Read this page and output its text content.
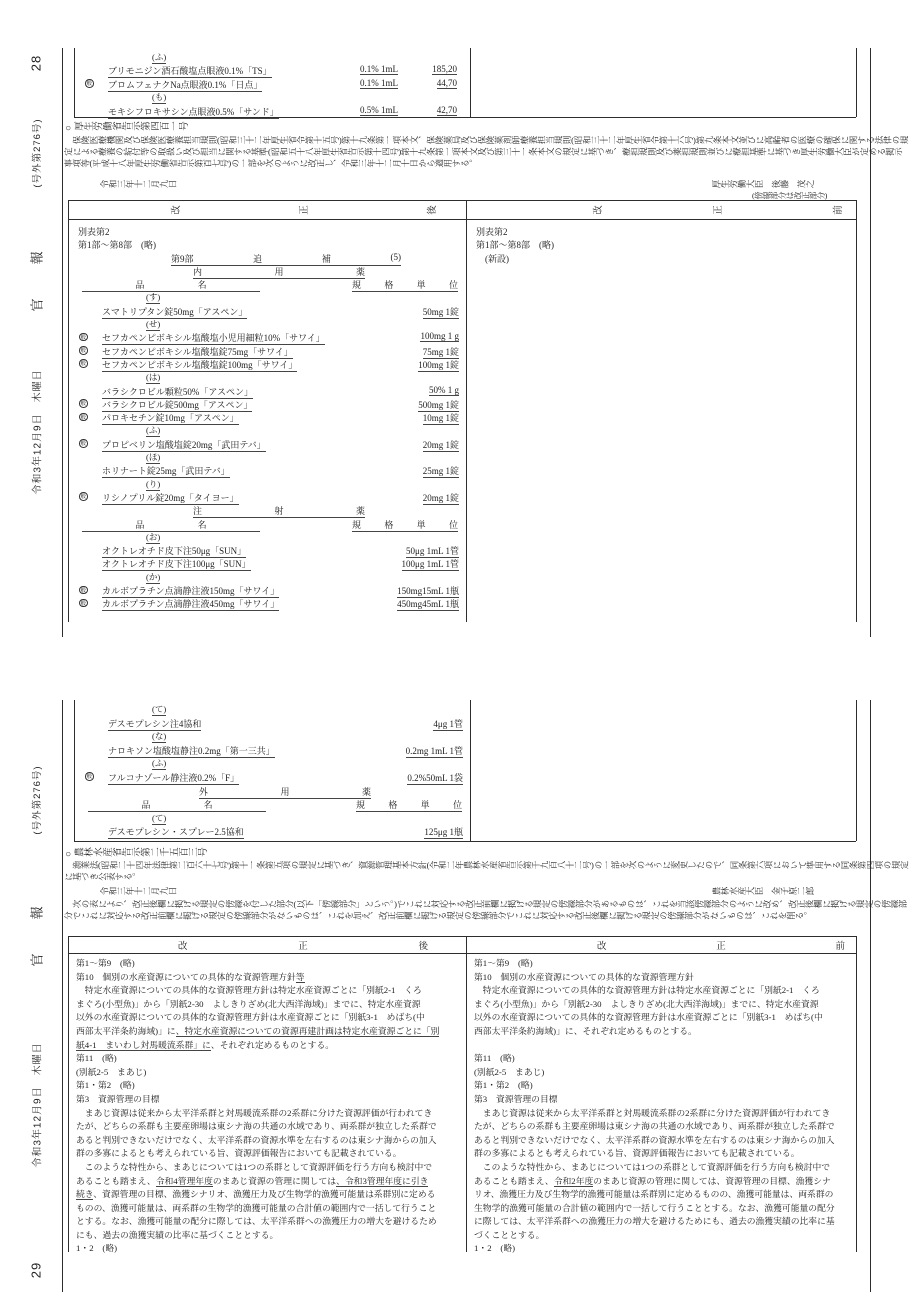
28
(号外第276号)
報
官
令和3年12月9日　木曜日
(ふ)
ブリモニジン酒石酸塩点眼液0.1%「TS」	0.1% 1mL	185,20
般 ブロムフェナクNa点眼液0.1%「日点」	0.1% 1mL	44,70
(も)
モキシフロキサシン点眼液0.5%「サンド」	0.5% 1mL	42,70
○厚生労働省告示第四百一号
　保険医療機関及び保険医療養担当規則(昭和三十二年厚生省令第十五号)第十九条第一項本文、保険薬局及び保険薬剤師療養担当規則(昭和三十二年厚生省令第十六号)第九条本文並びに高齢者の医療の確保に関する法律の規定による療養の給付等の取扱い及び担当に関する基準(昭和五十八年厚生省告示第十四号)第十九条第一項本文及び第三十一条本文の規定に基づき、療担規則及び薬担規則並びに療担基準に基づき厚生労働大臣が定める掲示事項等(平成十八年厚生労働省告示第百七号)の一部を次のように改正し、令和三年十二月十日から適用する。
令和三年十二月九日	厚生労働大臣　後藤　茂之
(傍線部分は改正部分)
改	正	後	改	正	前
別表第2
第1部〜第8部　(略)
第9部	追	補	(5)
内	用	薬
品	名	規	格	単	位
(す)
スマトリプタン錠50mg「アスペン」	50mg 1錠
(せ)
般 セフカペンピボキシル塩酸塩小児用細粒10%「サワイ」	100mg 1 g
般 セフカペンピボキシル塩酸塩錠75mg「サワイ」	75mg 1錠
般 セフカペンピボキシル塩酸塩錠100mg「サワイ」	100mg 1錠
(は)
バラシクロビル顆粒50%「アスペン」	50% 1 g
般 バラシクロビル錠500mg「アスペン」	500mg 1錠
般 パロキセチン錠10mg「アスペン」	10mg 1錠
(ふ)
般 プロピベリン塩酸塩錠20mg「武田テバ」	20mg 1錠
(ほ)
ホリナート錠25mg「武田テバ」	25mg 1錠
(り)
般 リシノプリル錠20mg「タイヨー」	20mg 1錠
注	射	薬
品	名	規	格	単	位
(お)
オクトレオチド皮下注50μg「SUN」	50μg 1mL 1管
オクトレオチド皮下注100μg「SUN」	100μg 1mL 1管
(か)
般 カルボプラチン点滴静注液150mg「サワイ」	150mg15mL 1瓶
般 カルボプラチン点滴静注液450mg「サワイ」	450mg45mL 1瓶
別表第2
第1部〜第8部　(略)
　(新設)
(号外第276号)
報
官
令和3年12月9日　木曜日
29
(て)
デスモプレシン注4協和	4μg 1管
(な)
ナロキソン塩酸塩静注0.2mg「第一三共」	0.2mg 1mL 1管
(ふ)
般 フルコナゾール静注液0.2%「F」	0.2%50mL 1袋
外	用	薬
品	名	規	格	単	位
(て)
デスモプレシン・スプレー2.5協和	125μg 1瓶
○農林水産省告示第二千五百三号
　漁業法(昭和二十四年法律第二百六十七号)第十一条第五項の規定に基づき、資源管理基本方針(令和二年農林水産省告示第千九百八十二号)の一部を次のように変更したので、同条第六項において準用する同条第四項の規定に基づき公表する。
令和三年十二月九日	農林水産大臣　金子原二郎
　次の表により、改正後欄に掲げる規定の傍線を付した部分(以下「傍線部分」という。)でこれに対応する改正前欄に掲げる規定の傍線部分があるものは、これを当該傍線部分のように改め、改正後欄に掲げる規定の傍線部分でこれに対応する改正前欄に掲げる規定の傍線部分がないものは、これを加え、改正前欄に掲げる規定の傍線部分でこれに対応する改正後欄に掲げる規定の傍線部分がないものは、これを削る。
改	正	後	改	正	前
第1〜第9　(略)
第10　個別の水産資源についての具体的な資源管理方針等
　特定水産資源についての具体的な資源管理方針は特定水産資源ごとに「別紙2-1　くろ
まぐろ(小型魚)」から「別紙2-30　よしきりざめ(北大西洋海域)」までに、特定水産資源
以外の水産資源についての具体的な資源管理方針は水産資源ごとに「別紙3-1　めばち(中
西部太平洋条約海域)」に、特定水産資源についての資源再建計画は特定水産資源ごとに「別
紙4-1　まいわし対馬暖流系群」に、それぞれ定めるものとする。
第11　(略)
(別紙2-5　まあじ)
第1・第2　(略)
第3　資源管理の目標
　まあじ資源は従来から太平洋系群と対馬暖流系群の2系群に分けた資源評価が行われてき
たが、どちらの系群も主要産卵場は東シナ海の共通の水域であり、両系群が独立した系群で
あると判別できないだけでなく、太平洋系群の資源水準を左右するのは東シナ海からの加入
群の多寡によるとも考えられている旨、資源評価報告においても記載されている。
　このような特性から、まあじについては1つの系群として資源評価を行う方向も検討中で
あることも踏まえ、令和4管理年度のまあじ資源の管理に関しては、令和3管理年度に引き
続き、資源管理の目標、漁獲シナリオ、漁獲圧力及び生物学的漁獲可能量は系群別に定める
ものの、漁獲可能量は、両系群の生物学的漁獲可能量の合計値の範囲内で一括して行うこと
とする。なお、漁獲可能量の配分に際しては、太平洋系群への漁獲圧力の増大を避けるため
にも、過去の漁獲実績の比率に基づくこととする。
1・2　(略)
第1〜第9　(略)
第10　個別の水産資源についての具体的な資源管理方針
　特定水産資源についての具体的な資源管理方針は特定水産資源ごとに「別紙2-1　くろ
まぐろ(小型魚)」から「別紙2-30　よしきりざめ(北大西洋海域)」までに、特定水産資源
以外の水産資源についての具体的な資源管理方針は水産資源ごとに「別紙3-1　めばち(中
西部太平洋条約海域)」に、それぞれ定めるものとする。

第11　(略)
(別紙2-5　まあじ)
第1・第2　(略)
第3　資源管理の目標
　まあじ資源は従来から太平洋系群と対馬暖流系群の2系群に分けた資源評価が行われてき
たが、どちらの系群も主要産卵場は東シナ海の共通の水域であり、両系群が独立した系群で
あると判別できないだけでなく、太平洋系群の資源水準を左右するのは東シナ海からの加入
群の多寡によるとも考えられている旨、資源評価報告においても記載されている。
　このような特性から、まあじについては1つの系群として資源評価を行う方向も検討中で
あることも踏まえ、令和2年度のまあじ資源の管理に関しては、資源管理の目標、漁獲シナ
リオ、漁獲圧力及び生物学的漁獲可能量は系群別に定めるものの、漁獲可能量は、両系群の
生物学的漁獲可能量の合計値の範囲内で一括して行うこととする。なお、漁獲可能量の配分
に際しては、太平洋系群への漁獲圧力の増大を避けるためにも、過去の漁獲実績の比率に基
づくこととする。
1・2　(略)
